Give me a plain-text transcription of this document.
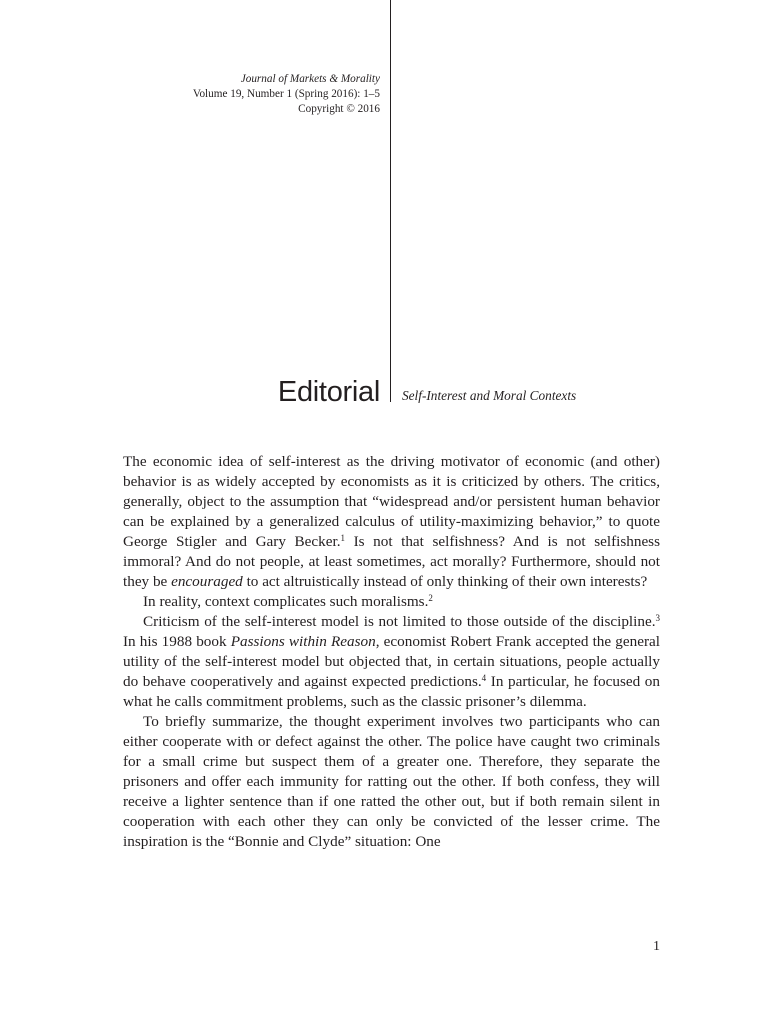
Journal of Markets & Morality
Volume 19, Number 1 (Spring 2016): 1–5
Copyright © 2016
Editorial Self-Interest and Moral Contexts

The economic idea of self-interest as the driving motivator of economic (and other) behavior is as widely accepted by economists as it is criticized by others. The critics, generally, object to the assumption that “widespread and/or persistent human behavior can be explained by a generalized calculus of utility-maximizing behavior,” to quote George Stigler and Gary Becker.$^1$ Is not that selfishness? And is not selfishness immoral? And do not people, at least sometimes, act morally? Furthermore, should not they be encouraged to act altruistically instead of only thinking of their own interests?

In reality, context complicates such moralisms.$^2$

Criticism of the self-interest model is not limited to those outside of the discipline.$^3$ In his 1988 book Passions within Reason, economist Robert Frank accepted the general utility of the self-interest model but objected that, in certain situations, people actually do behave cooperatively and against expected predictions.$^4$ In particular, he focused on what he calls commitment problems, such as the classic prisoner’s dilemma.

To briefly summarize, the thought experiment involves two participants who can either cooperate with or defect against the other. The police have caught two criminals for a small crime but suspect them of a greater one. Therefore, they separate the prisoners and offer each immunity for ratting out the other. If both confess, they will receive a lighter sentence than if one ratted the other out, but if both remain silent in cooperation with each other they can only be convicted of the lesser crime. The inspiration is the “Bonnie and Clyde” situation: One

1
